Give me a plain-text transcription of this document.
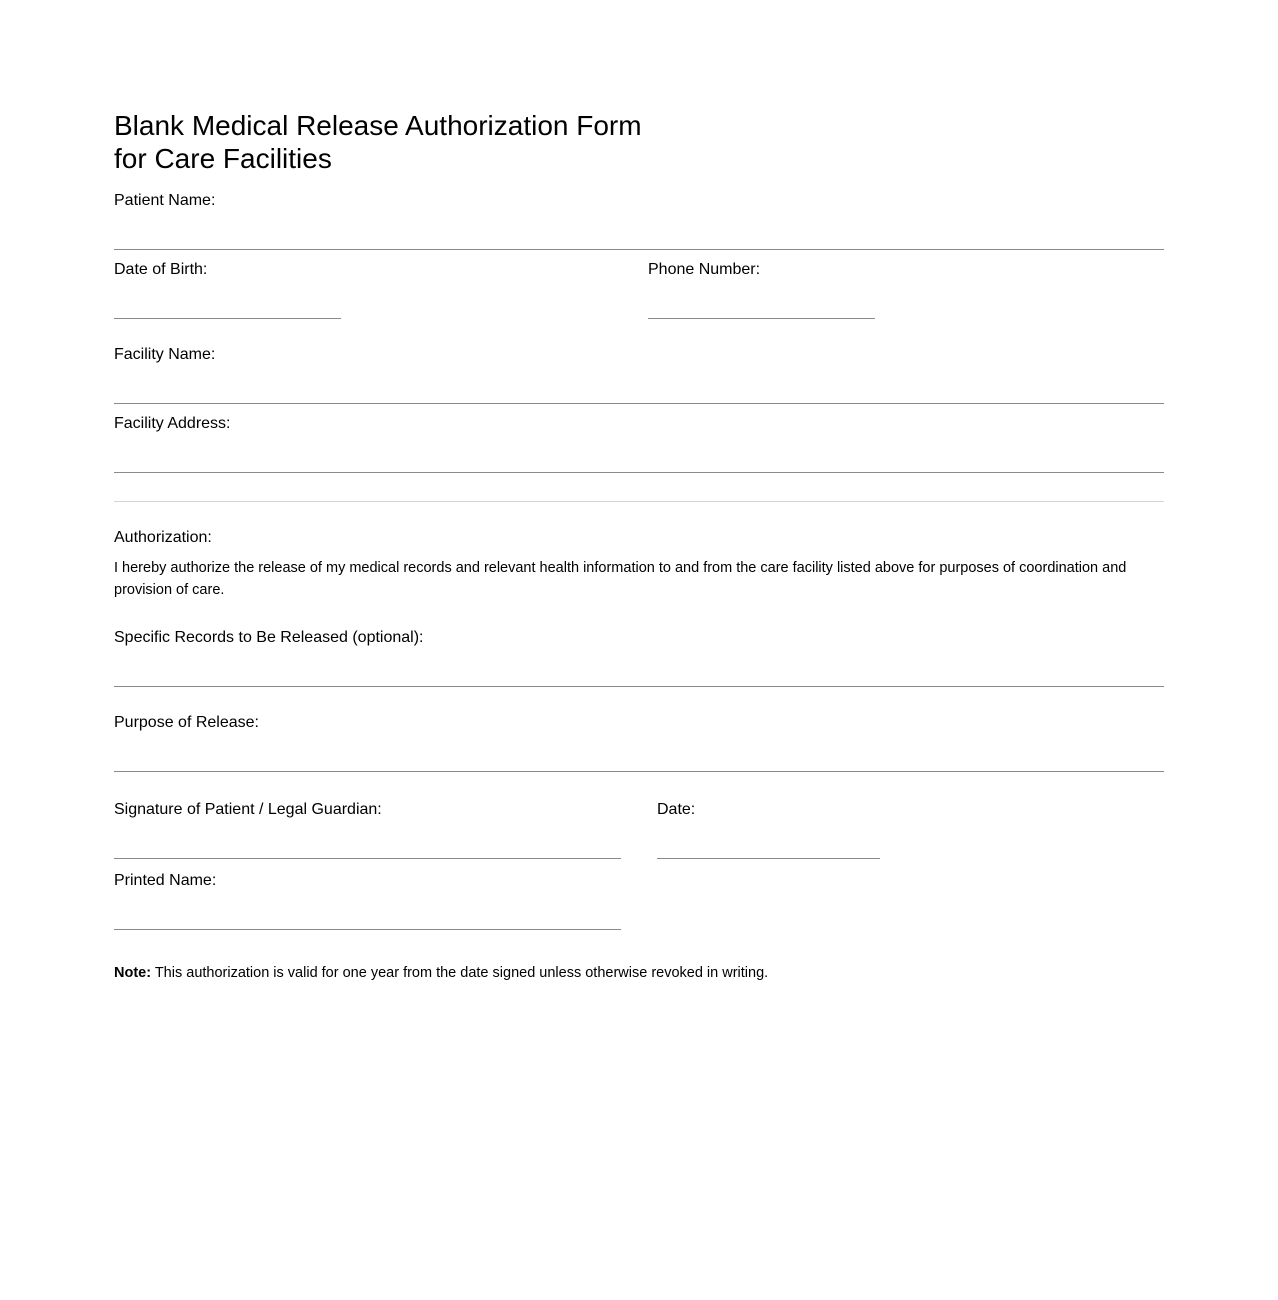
Blank Medical Release Authorization Form
for Care Facilities
Patient Name:
Date of Birth:	Phone Number:
Facility Name:
Facility Address:
Authorization:
I hereby authorize the release of my medical records and relevant health information to and from the care facility listed above for purposes of coordination and provision of care.
Specific Records to Be Released (optional):
Purpose of Release:
Signature of Patient / Legal Guardian:	Date:
Printed Name:
Note: This authorization is valid for one year from the date signed unless otherwise revoked in writing.
